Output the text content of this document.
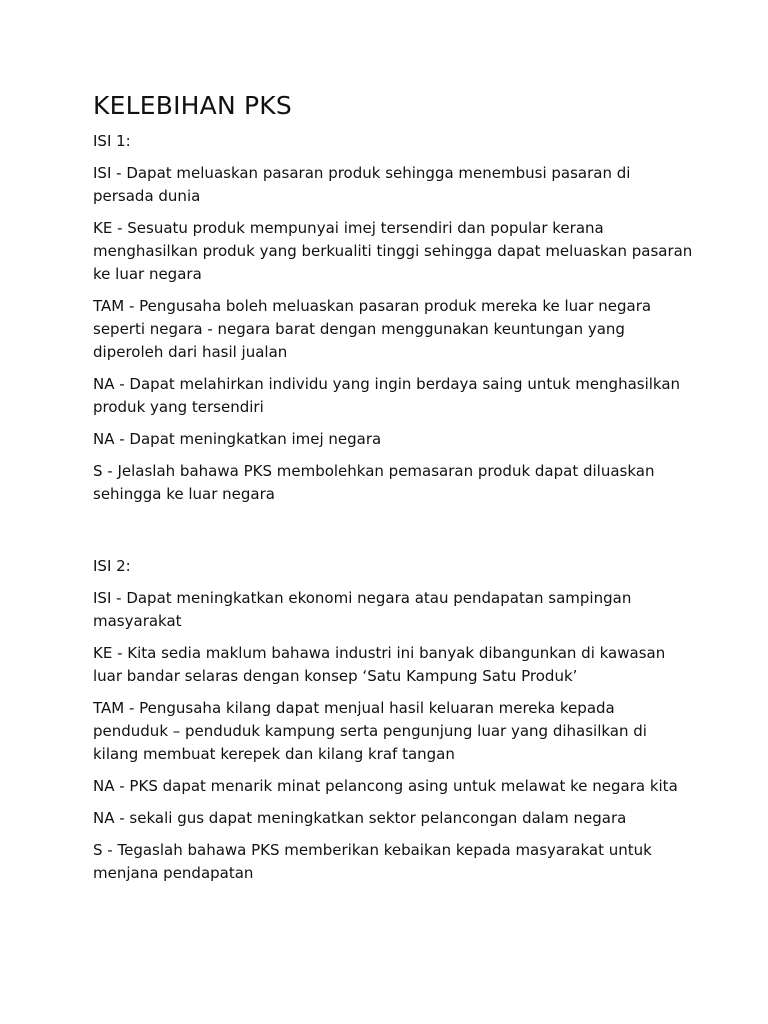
KELEBIHAN PKS
ISI 1:

ISI - Dapat meluaskan pasaran produk sehingga menembusi pasaran di persada dunia

KE - Sesuatu produk mempunyai imej tersendiri dan popular kerana menghasilkan produk yang berkualiti tinggi sehingga dapat meluaskan pasaran ke luar negara

TAM - Pengusaha boleh meluaskan pasaran produk mereka ke luar negara seperti negara - negara barat dengan menggunakan keuntungan yang diperoleh dari hasil jualan

NA - Dapat melahirkan individu yang ingin berdaya saing untuk menghasilkan produk yang tersendiri

NA - Dapat meningkatkan imej negara

S - Jelaslah bahawa PKS membolehkan pemasaran produk dapat diluaskan sehingga ke luar negara

ISI 2:

ISI - Dapat meningkatkan ekonomi negara atau pendapatan sampingan masyarakat

KE - Kita sedia maklum bahawa industri ini banyak dibangunkan di kawasan luar bandar selaras dengan konsep ‘Satu Kampung Satu Produk’

TAM - Pengusaha kilang dapat menjual hasil keluaran mereka kepada penduduk – penduduk kampung serta pengunjung luar yang dihasilkan di kilang membuat kerepek dan kilang kraf tangan

NA - PKS dapat menarik minat pelancong asing untuk melawat ke negara kita

NA - sekali gus dapat meningkatkan sektor pelancongan dalam negara

S - Tegaslah bahawa PKS memberikan kebaikan kepada masyarakat untuk menjana pendapatan
